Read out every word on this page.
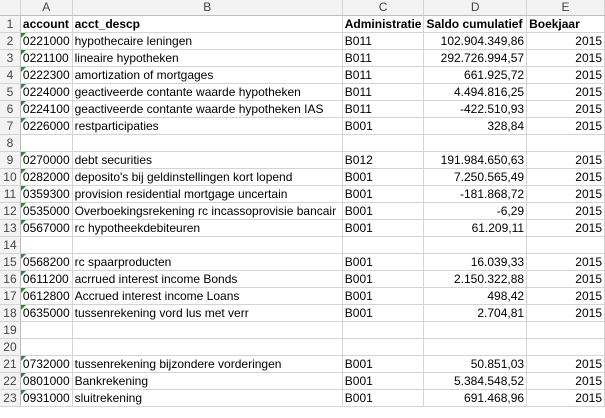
	A	B	C	D	E
1	account	acct_descp	Administratie	Saldo cumulatief	Boekjaar
2	0221000	hypothecaire leningen	B011	102.904.349,86	2015
3	0221100	lineaire hypotheken	B011	292.726.994,57	2015
4	0222300	amortization of mortgages	B011	661.925,72	2015
5	0224000	geactiveerde contante waarde hypotheken	B011	4.494.816,25	2015
6	0224100	geactiveerde contante waarde hypotheken IAS	B011	-422.510,93	2015
7	0226000	restparticipaties	B001	328,84	2015
8					
9	0270000	debt securities	B012	191.984.650,63	2015
10	0282000	deposito's bij geldinstellingen kort lopend	B001	7.250.565,49	2015
11	0359300	provision residential mortgage uncertain	B001	-181.868,72	2015
12	0535000	Overboekingsrekening rc incassoprovisie bancair	B001	-6,29	2015
13	0567000	rc hypotheekdebiteuren	B001	61.209,11	2015
14					
15	0568200	rc spaarproducten	B001	16.039,33	2015
16	0611200	acrrued interest income Bonds	B001	2.150.322,88	2015
17	0612800	Accrued interest income Loans	B001	498,42	2015
18	0635000	tussenrekening vord lus met verr	B001	2.704,81	2015
19					
20					
21	0732000	tussenrekening bijzondere vorderingen	B001	50.851,03	2015
22	0801000	Bankrekening	B001	5.384.548,52	2015
23	0931000	sluitrekening	B001	691.468,96	2015
